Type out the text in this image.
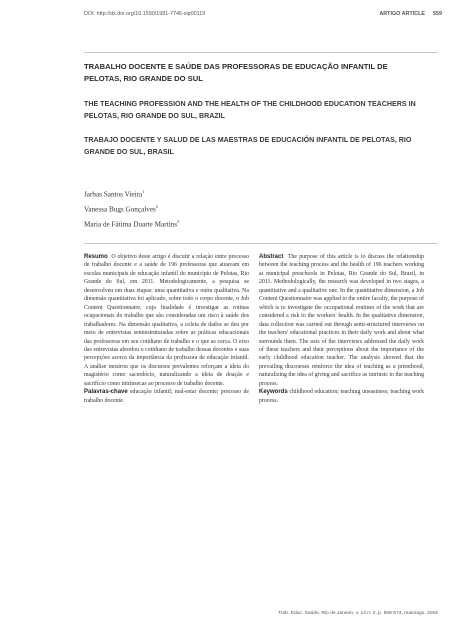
DOI: http://dx.doi.org/10.1590/1981-7746-sip00119	ARTIGO ARTICLE 559
TRABALHO DOCENTE E SAÚDE DAS PROFESSORAS DE EDUCAÇÃO INFANTIL DE PELOTAS, RIO GRANDE DO SUL
THE TEACHING PROFESSION AND THE HEALTH OF THE CHILDHOOD EDUCATION TEACHERS IN PELOTAS, RIO GRANDE DO SUL, BRAZIL
TRABAJO DOCENTE Y SALUD DE LAS MAESTRAS DE EDUCACIÓN INFANTIL DE PELOTAS, RIO GRANDE DO SUL, BRASIL
Jarbas Santos Vieira$^1$
Vanessa Bugs Gonçalves$^2$
Maria de Fátima Duarte Martins$^3$

Resumo O objetivo deste artigo é discutir a relação entre processo de trabalho docente e a saúde de 196 professoras que atuavam em escolas municipais de educação infantil do município de Pelotas, Rio Grande do Sul, em 2011. Metodologicamente, a pesquisa se desenvolveu em duas etapas: uma quantitativa e outra qualitativa. Na dimensão quantitativa foi aplicado, sobre todo o corpo docente, o Job Content Questionnaire, cuja finalidade é investigar as rotinas ocupacionais do trabalho que são consideradas um risco à saúde dos trabalhadores. Na dimensão qualitativa, a coleta de dados se deu por meio de entrevistas semiestruturadas sobre as práticas educacionais das professoras em seu cotidiano de trabalho e o que as cerca. O eixo das entrevistas abordou o cotidiano de trabalho dessas docentes e suas percepções acerca da importância da profissora de educação infantil. A análise mostrou que os discursos prevalentes reforçam a ideia do magistério como sacerdócio, naturalizando a ideia de doação e sacrifício como intrínsecas ao processo de trabalho docente.

Palavras-chave educação infantil; mal-estar docente; processo de trabalho docente.

Abstract The purpose of this article is to discuss the relationship between the teaching process and the health of 196 teachers working at municipal preschools in Pelotas, Rio Grande do Sul, Brazil, in 2011. Methodologically, the research was developed in two stages, a quantitative and a qualitative one. In the quantitative dimension, a Job Content Questionnaire was applied to the entire faculty, the purpose of which is to investigate the occupational routines of the work that are considered a risk to the workers' health. In the qualitative dimension, data collection was carried out through semi-structured interviews on the teachers' educational practices in their daily work and about what surrounds them. The axis of the interviews addressed the daily work of these teachers and their perceptions about the importance of the early childhood education teacher. The analysis showed that the prevailing discourses reinforce the idea of teaching as a priesthood, naturalizing the idea of giving and sacrifice as intrinsic to the teaching process.

Keywords childhood education; teaching uneasiness; teaching work process.

Trab. Educ. Saúde, Rio de Janeiro, v. 14 n. 2, p. 559-574, maio/ago. 2016
